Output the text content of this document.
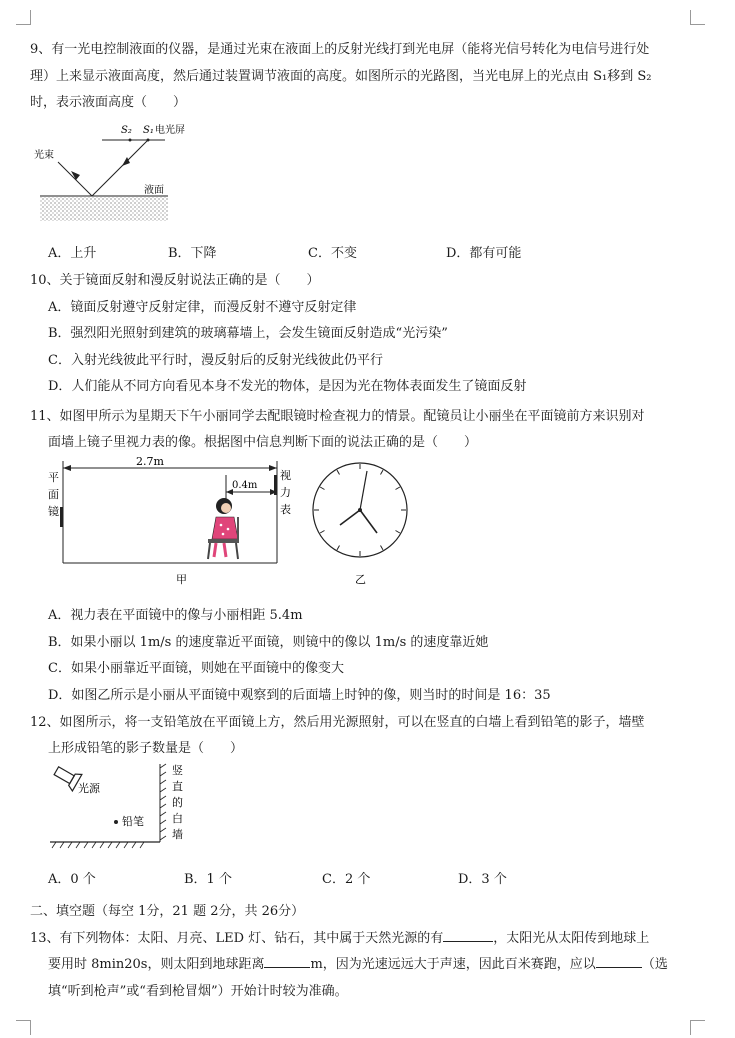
9、有一光电控制液面的仪器，是通过光束在液面上的反射光线打到光电屏（能将光信号转化为电信号进行处
理）上来显示液面高度，然后通过装置调节液面的高度。如图所示的光路图，当光电屏上的光点由 S₁移到 S₂
时，表示液面高度（　　）
S₂ S₁ 电光屏
光束
液面
A．上升	B．下降	C．不变	D．都有可能
10、关于镜面反射和漫反射说法正确的是（　　）
A．镜面反射遵守反射定律，而漫反射不遵守反射定律
B．强烈阳光照射到建筑的玻璃幕墙上，会发生镜面反射造成“光污染”
C．入射光线彼此平行时，漫反射后的反射光线彼此仍平行
D．人们能从不同方向看见本身不发光的物体，是因为光在物体表面发生了镜面反射
11、如图甲所示为星期天下午小丽同学去配眼镜时检查视力的情景。配镜员让小丽坐在平面镜前方来识别对
面墙上镜子里视力表的像。根据图中信息判断下面的说法正确的是（　　）
平
面
镜
视
力
表
2.7m
0.4m
甲	乙
A．视力表在平面镜中的像与小丽相距 5.4m
B．如果小丽以 1m/s 的速度靠近平面镜，则镜中的像以 1m/s 的速度靠近她
C．如果小丽靠近平面镜，则她在平面镜中的像变大
D．如图乙所示是小丽从平面镜中观察到的后面墙上时钟的像，则当时的时间是 16：35
12、如图所示，将一支铅笔放在平面镜上方，然后用光源照射，可以在竖直的白墙上看到铅笔的影子，墙壁
上形成铅笔的影子数量是（　　）
光源
竖
直
的
白
墙
铅笔
A．0 个	B．1 个	C．2 个	D．3 个
二、填空题（每空 1分，21 题 2分，共 26分）
13、有下列物体：太阳、月亮、LED 灯、钻石，其中属于天然光源的有	，太阳光从太阳传到地球上
要用时 8min20s，则太阳到地球距离	m，因为光速远远大于声速，因此百米赛跑，应以	（选
填“听到枪声”或“看到枪冒烟”）开始计时较为准确。
